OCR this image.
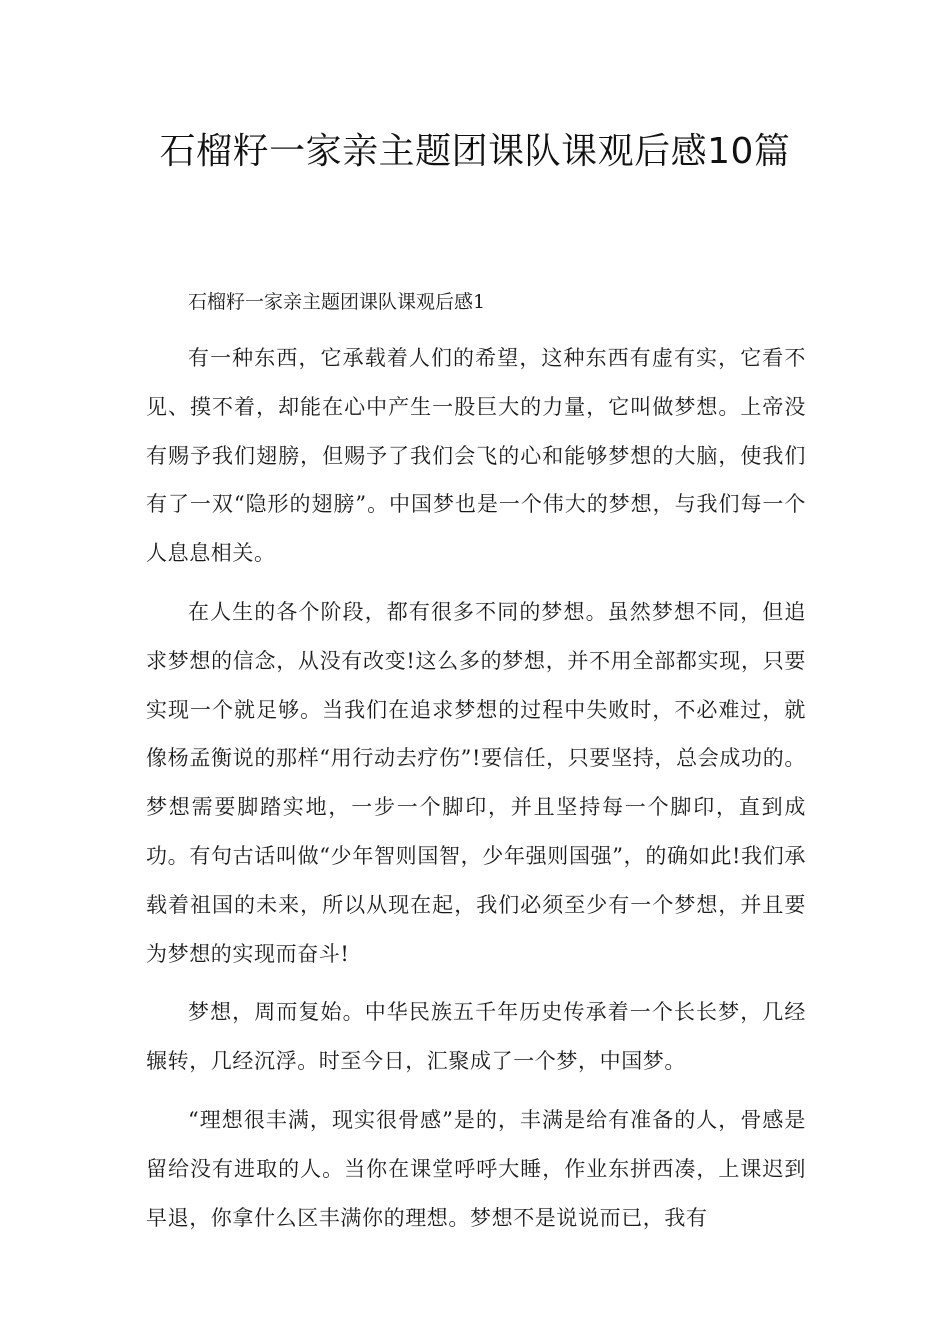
石榴籽一家亲主题团课队课观后感10篇

石榴籽一家亲主题团课队课观后感1

有一种东西，它承载着人们的希望，这种东西有虚有实，它看不见、摸不着，却能在心中产生一股巨大的力量，它叫做梦想。上帝没有赐予我们翅膀，但赐予了我们会飞的心和能够梦想的大脑，使我们有了一双“隐形的翅膀”。中国梦也是一个伟大的梦想，与我们每一个人息息相关。

在人生的各个阶段，都有很多不同的梦想。虽然梦想不同，但追求梦想的信念，从没有改变!这么多的梦想，并不用全部都实现，只要实现一个就足够。当我们在追求梦想的过程中失败时，不必难过，就像杨孟衡说的那样“用行动去疗伤”!要信任，只要坚持，总会成功的。梦想需要脚踏实地，一步一个脚印，并且坚持每一个脚印，直到成功。有句古话叫做“少年智则国智，少年强则国强”，的确如此!我们承载着祖国的未来，所以从现在起，我们必须至少有一个梦想，并且要为梦想的实现而奋斗!

梦想，周而复始。中华民族五千年历史传承着一个长长梦，几经辗转，几经沉浮。时至今日，汇聚成了一个梦，中国梦。

“理想很丰满，现实很骨感”是的，丰满是给有准备的人，骨感是留给没有进取的人。当你在课堂呼呼大睡，作业东拼西凑，上课迟到早退，你拿什么区丰满你的理想。梦想不是说说而已，我有
